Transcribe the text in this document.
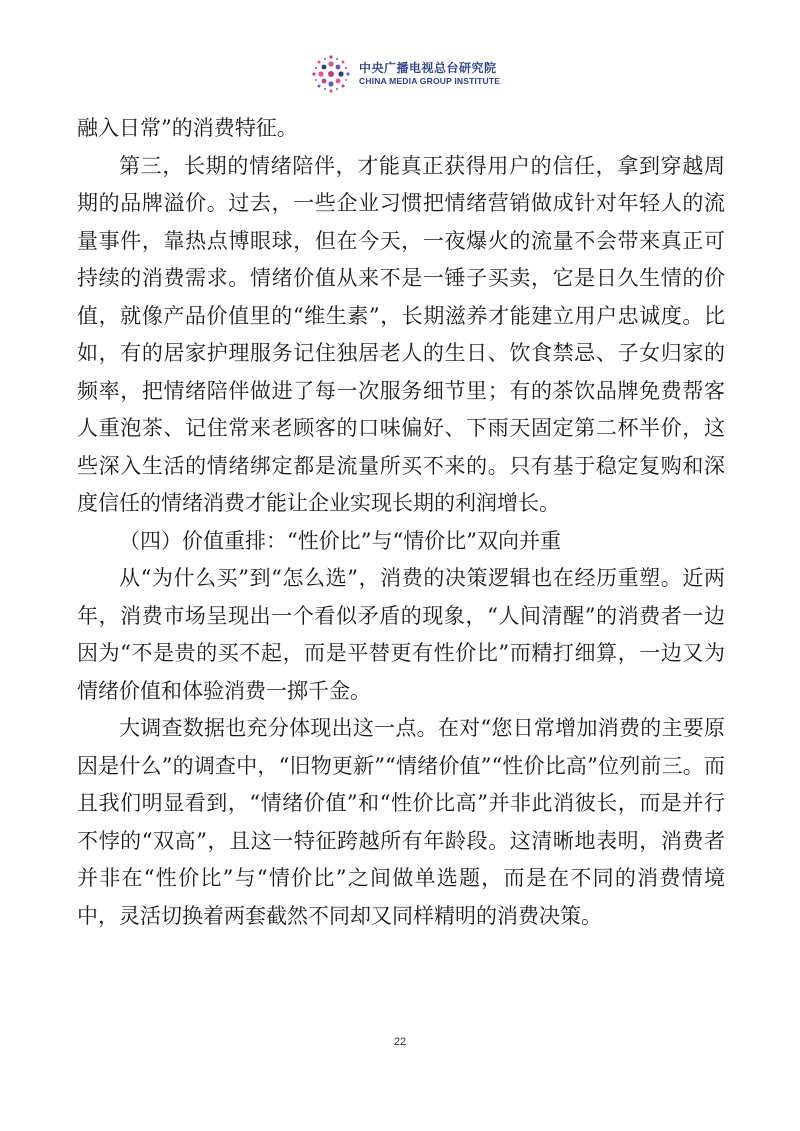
中央广播电视总台研究院
CHINA MEDIA GROUP INSTITUTE

融入日常”的消费特征。

第三，长期的情绪陪伴，才能真正获得用户的信任，拿到穿越周期的品牌溢价。过去，一些企业习惯把情绪营销做成针对年轻人的流量事件，靠热点博眼球，但在今天，一夜爆火的流量不会带来真正可持续的消费需求。情绪价值从来不是一锤子买卖，它是日久生情的价值，就像产品价值里的“维生素”，长期滋养才能建立用户忠诚度。比如，有的居家护理服务记住独居老人的生日、饮食禁忌、子女归家的频率，把情绪陪伴做进了每一次服务细节里；有的茶饮品牌免费帮客人重泡茶、记住常来老顾客的口味偏好、下雨天固定第二杯半价，这些深入生活的情绪绑定都是流量所买不来的。只有基于稳定复购和深度信任的情绪消费才能让企业实现长期的利润增长。

（四）价值重排：“性价比”与“情价比”双向并重

从“为什么买”到“怎么选”，消费的决策逻辑也在经历重塑。近两年，消费市场呈现出一个看似矛盾的现象，“人间清醒”的消费者一边因为“不是贵的买不起，而是平替更有性价比”而精打细算，一边又为情绪价值和体验消费一掷千金。

大调查数据也充分体现出这一点。在对“您日常增加消费的主要原因是什么”的调查中，“旧物更新”“情绪价值”“性价比高”位列前三。而且我们明显看到，“情绪价值”和“性价比高”并非此消彼长，而是并行不悖的“双高”，且这一特征跨越所有年龄段。这清晰地表明，消费者并非在“性价比”与“情价比”之间做单选题，而是在不同的消费情境中，灵活切换着两套截然不同却又同样精明的消费决策。

22
